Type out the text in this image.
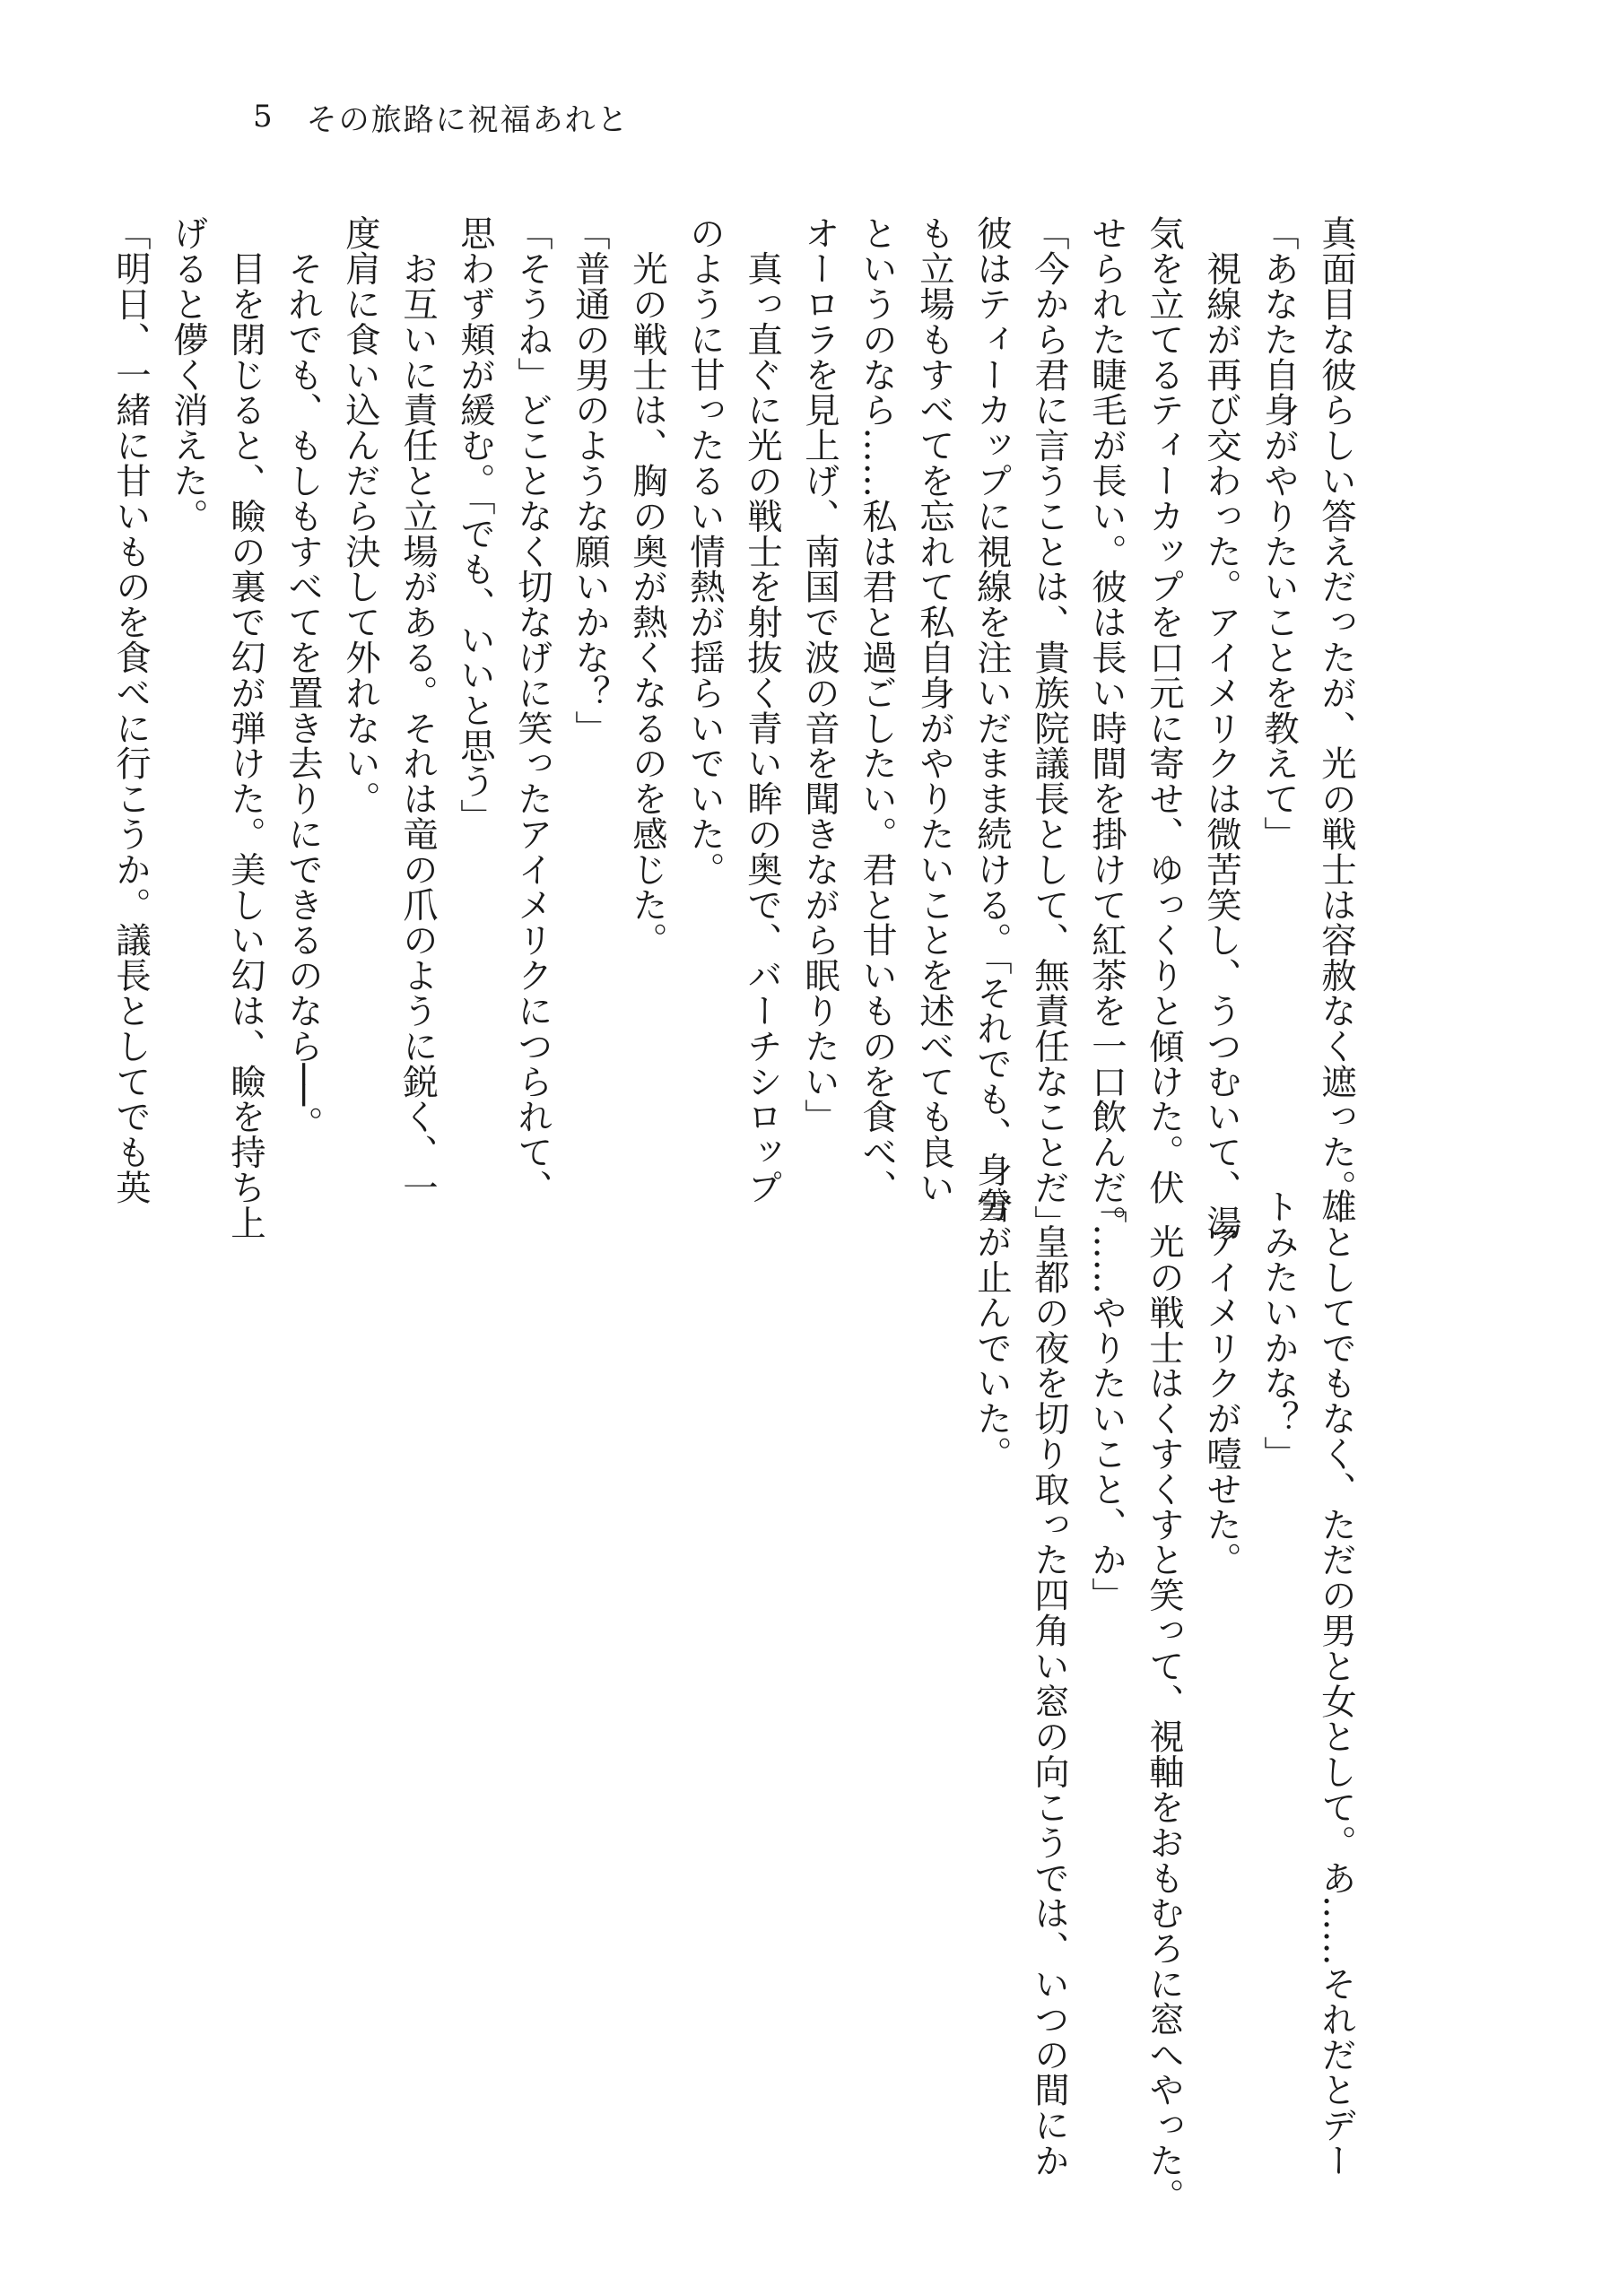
5 その旅路に祝福あれと
真面目な彼らしい答えだったが、光の戦士は容赦なく遮った。
「あなた自身がやりたいことを教えて」
　視線が再び交わった。アイメリクは微苦笑し、うつむいて、湯
気を立てるティーカップを口元に寄せ、ゆっくりと傾けた。伏
せられた睫毛が長い。彼は長い時間を掛けて紅茶を一口飲んだ。
「今から君に言うことは、貴族院議長として、無責任なことだ」
彼はティーカップに視線を注いだまま続ける。「それでも、身分
も立場もすべてを忘れて私自身がやりたいことを述べても良い
というのなら……私は君と過ごしたい。君と甘いものを食べ、
オーロラを見上げ、南国で波の音を聞きながら眠りたい」
　真っ直ぐに光の戦士を射抜く青い眸の奥で、バーチシロップ
のように甘ったるい情熱が揺らいでいた。
　光の戦士は、胸の奥が熱くなるのを感じた。
「普通の男のような願いかな？」
「そうね」どことなく切なげに笑ったアイメリクにつられて、
思わず頬が緩む。「でも、いいと思う」
　お互いに責任と立場がある。それは竜の爪のように鋭く、一
度肩に食い込んだら決して外れない。
　それでも、もしもすべてを置き去りにできるのなら──。
　目を閉じると、瞼の裏で幻が弾けた。美しい幻は、瞼を持ち上
げると儚く消えた。
「明日、一緒に甘いものを食べに行こうか。議長としてでも英
雄としてでもなく、ただの男と女として。あ……それだとデー
トみたいかな？」
　アイメリクが噎せた。
　光の戦士はくすくすと笑って、視軸をおもむろに窓へやった。
「……やりたいこと、か」
　皇都の夜を切り取った四角い窓の向こうでは、いつの間にか
雪が止んでいた。
